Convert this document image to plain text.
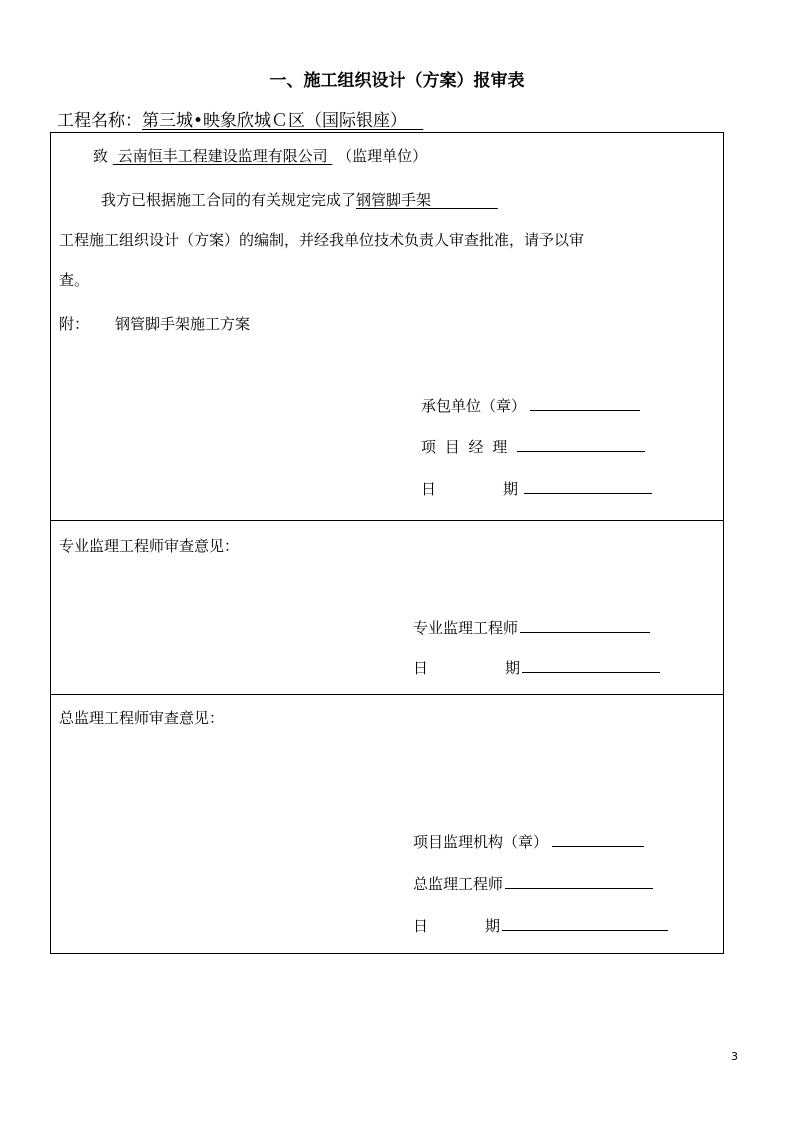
一、施工组织设计（方案）报审表
工程名称：第三城•映象欣城Ｃ区（国际银座）
致 云南恒丰工程建设监理有限公司 （监理单位）
我方已根据施工合同的有关规定完成了钢管脚手架
工程施工组织设计（方案）的编制，并经我单位技术负责人审查批准，请予以审
查。
附： 钢管脚手架施工方案
承包单位（章）
项 目 经 理
日	期
专业监理工程师审查意见：
专业监理工程师
日	期
总监理工程师审查意见：
项目监理机构（章）
总监理工程师
日	期
3
